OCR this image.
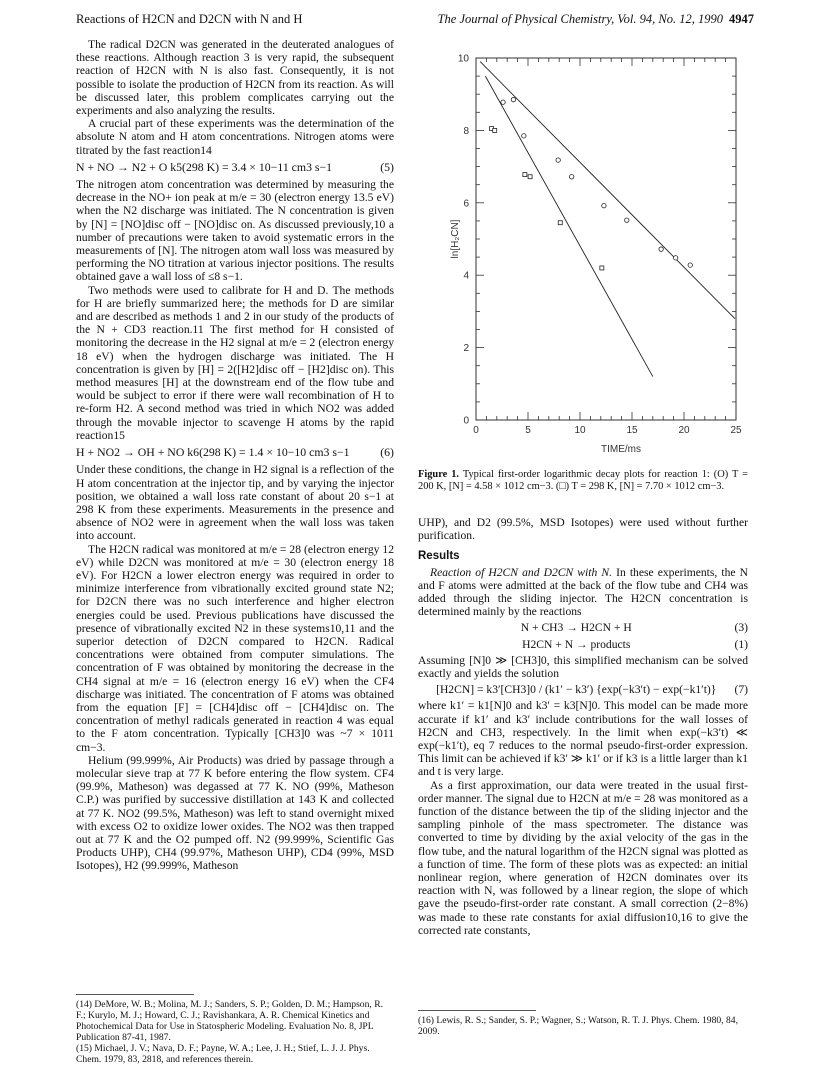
Reactions of H2CN and D2CN with N and H	The Journal of Physical Chemistry, Vol. 94, No. 12, 1990 4947

The radical D2CN was generated in the deuterated analogues of these reactions. Although reaction 3 is very rapid, the subsequent reaction of H2CN with N is also fast. Consequently, it is not possible to isolate the production of H2CN from its reaction. As will be discussed later, this problem complicates carrying out the experiments and also analyzing the results.

A crucial part of these experiments was the determination of the absolute N atom and H atom concentrations. Nitrogen atoms were titrated by the fast reaction14

N + NO → N2 + O k5(298 K) = 3.4 × 10−11 cm3 s−1	(5)

The nitrogen atom concentration was determined by measuring the decrease in the NO+ ion peak at m/e = 30 (electron energy 13.5 eV) when the N2 discharge was initiated. The N concentration is given by [N] = [NO]disc off − [NO]disc on. As discussed previously,10 a number of precautions were taken to avoid systematic errors in the measurements of [N]. The nitrogen atom wall loss was measured by performing the NO titration at various injector positions. The results obtained gave a wall loss of ≤8 s−1.

Two methods were used to calibrate for H and D. The methods for H are briefly summarized here; the methods for D are similar and are described as methods 1 and 2 in our study of the products of the N + CD3 reaction.11 The first method for H consisted of monitoring the decrease in the H2 signal at m/e = 2 (electron energy 18 eV) when the hydrogen discharge was initiated. The H concentration is given by [H] = 2([H2]disc off − [H2]disc on). This method measures [H] at the downstream end of the flow tube and would be subject to error if there were wall recombination of H to re-form H2. A second method was tried in which NO2 was added through the movable injector to scavenge H atoms by the rapid reaction15

H + NO2 → OH + NO k6(298 K) = 1.4 × 10−10 cm3 s−1	(6)

Under these conditions, the change in H2 signal is a reflection of the H atom concentration at the injector tip, and by varying the injector position, we obtained a wall loss rate constant of about 20 s−1 at 298 K from these experiments. Measurements in the presence and absence of NO2 were in agreement when the wall loss was taken into account.

The H2CN radical was monitored at m/e = 28 (electron energy 12 eV) while D2CN was monitored at m/e = 30 (electron energy 18 eV). For H2CN a lower electron energy was required in order to minimize interference from vibrationally excited ground state N2; for D2CN there was no such interference and higher electron energies could be used. Previous publications have discussed the presence of vibrationally excited N2 in these systems10,11 and the superior detection of D2CN compared to H2CN. Radical concentrations were obtained from computer simulations. The concentration of F was obtained by monitoring the decrease in the CH4 signal at m/e = 16 (electron energy 16 eV) when the CF4 discharge was initiated. The concentration of F atoms was obtained from the equation [F] = [CH4]disc off − [CH4]disc on. The concentration of methyl radicals generated in reaction 4 was equal to the F atom concentration. Typically [CH3]0 was ~7 × 1011 cm−3.

Helium (99.999%, Air Products) was dried by passage through a molecular sieve trap at 77 K before entering the flow system. CF4 (99.9%, Matheson) was degassed at 77 K. NO (99%, Matheson C.P.) was purified by successive distillation at 143 K and collected at 77 K. NO2 (99.5%, Matheson) was left to stand overnight mixed with excess O2 to oxidize lower oxides. The NO2 was then trapped out at 77 K and the O2 pumped off. N2 (99.999%, Scientific Gas Products UHP), CH4 (99.97%, Matheson UHP), CD4 (99%, MSD Isotopes), H2 (99.999%, Matheson

(14) DeMore, W. B.; Molina, M. J.; Sanders, S. P.; Golden, D. M.; Hampson, R. F.; Kurylo, M. J.; Howard, C. J.; Ravishankara, A. R. Chemical Kinetics and Photochemical Data for Use in Statospheric Modeling. Evaluation No. 8, JPL Publication 87-41, 1987.
(15) Michael, J. V.; Nava, D. F.; Payne, W. A.; Lee, J. H.; Stief, L. J. J. Phys. Chem. 1979, 83, 2818, and references therein.
0	5	10	15	20	25
0
2
4
6
8
10
TIME/ms
ln[H₂CN]
Figure 1. Typical first-order logarithmic decay plots for reaction 1: (O) T = 200 K, [N] = 4.58 × 1012 cm−3. (□) T = 298 K, [N] = 7.70 × 1012 cm−3.

UHP), and D2 (99.5%, MSD Isotopes) were used without further purification.

Results

Reaction of H2CN and D2CN with N. In these experiments, the N and F atoms were admitted at the back of the flow tube and CH4 was added through the sliding injector. The H2CN concentration is determined mainly by the reactions

N + CH3 → H2CN + H	(3)
H2CN + N → products	(1)

Assuming [N]0 ≫ [CH3]0, this simplified mechanism can be solved exactly and yields the solution

[H2CN] = k3′[CH3]0 / (k1′ − k3′) {exp(−k3′t) − exp(−k1′t)}	(7)

where k1′ = k1[N]0 and k3′ = k3[N]0. This model can be made more accurate if k1′ and k3′ include contributions for the wall losses of H2CN and CH3, respectively. In the limit when exp(−k3′t) ≪ exp(−k1′t), eq 7 reduces to the normal pseudo-first-order expression. This limit can be achieved if k3′ ≫ k1′ or if k3 is a little larger than k1 and t is very large.

As a first approximation, our data were treated in the usual first-order manner. The signal due to H2CN at m/e = 28 was monitored as a function of the distance between the tip of the sliding injector and the sampling pinhole of the mass spectrometer. The distance was converted to time by dividing by the axial velocity of the gas in the flow tube, and the natural logarithm of the H2CN signal was plotted as a function of time. The form of these plots was as expected: an initial nonlinear region, where generation of H2CN dominates over its reaction with N, was followed by a linear region, the slope of which gave the pseudo-first-order rate constant. A small correction (2−8%) was made to these rate constants for axial diffusion10,16 to give the corrected rate constants,

(16) Lewis, R. S.; Sander, S. P.; Wagner, S.; Watson, R. T. J. Phys. Chem. 1980, 84, 2009.
